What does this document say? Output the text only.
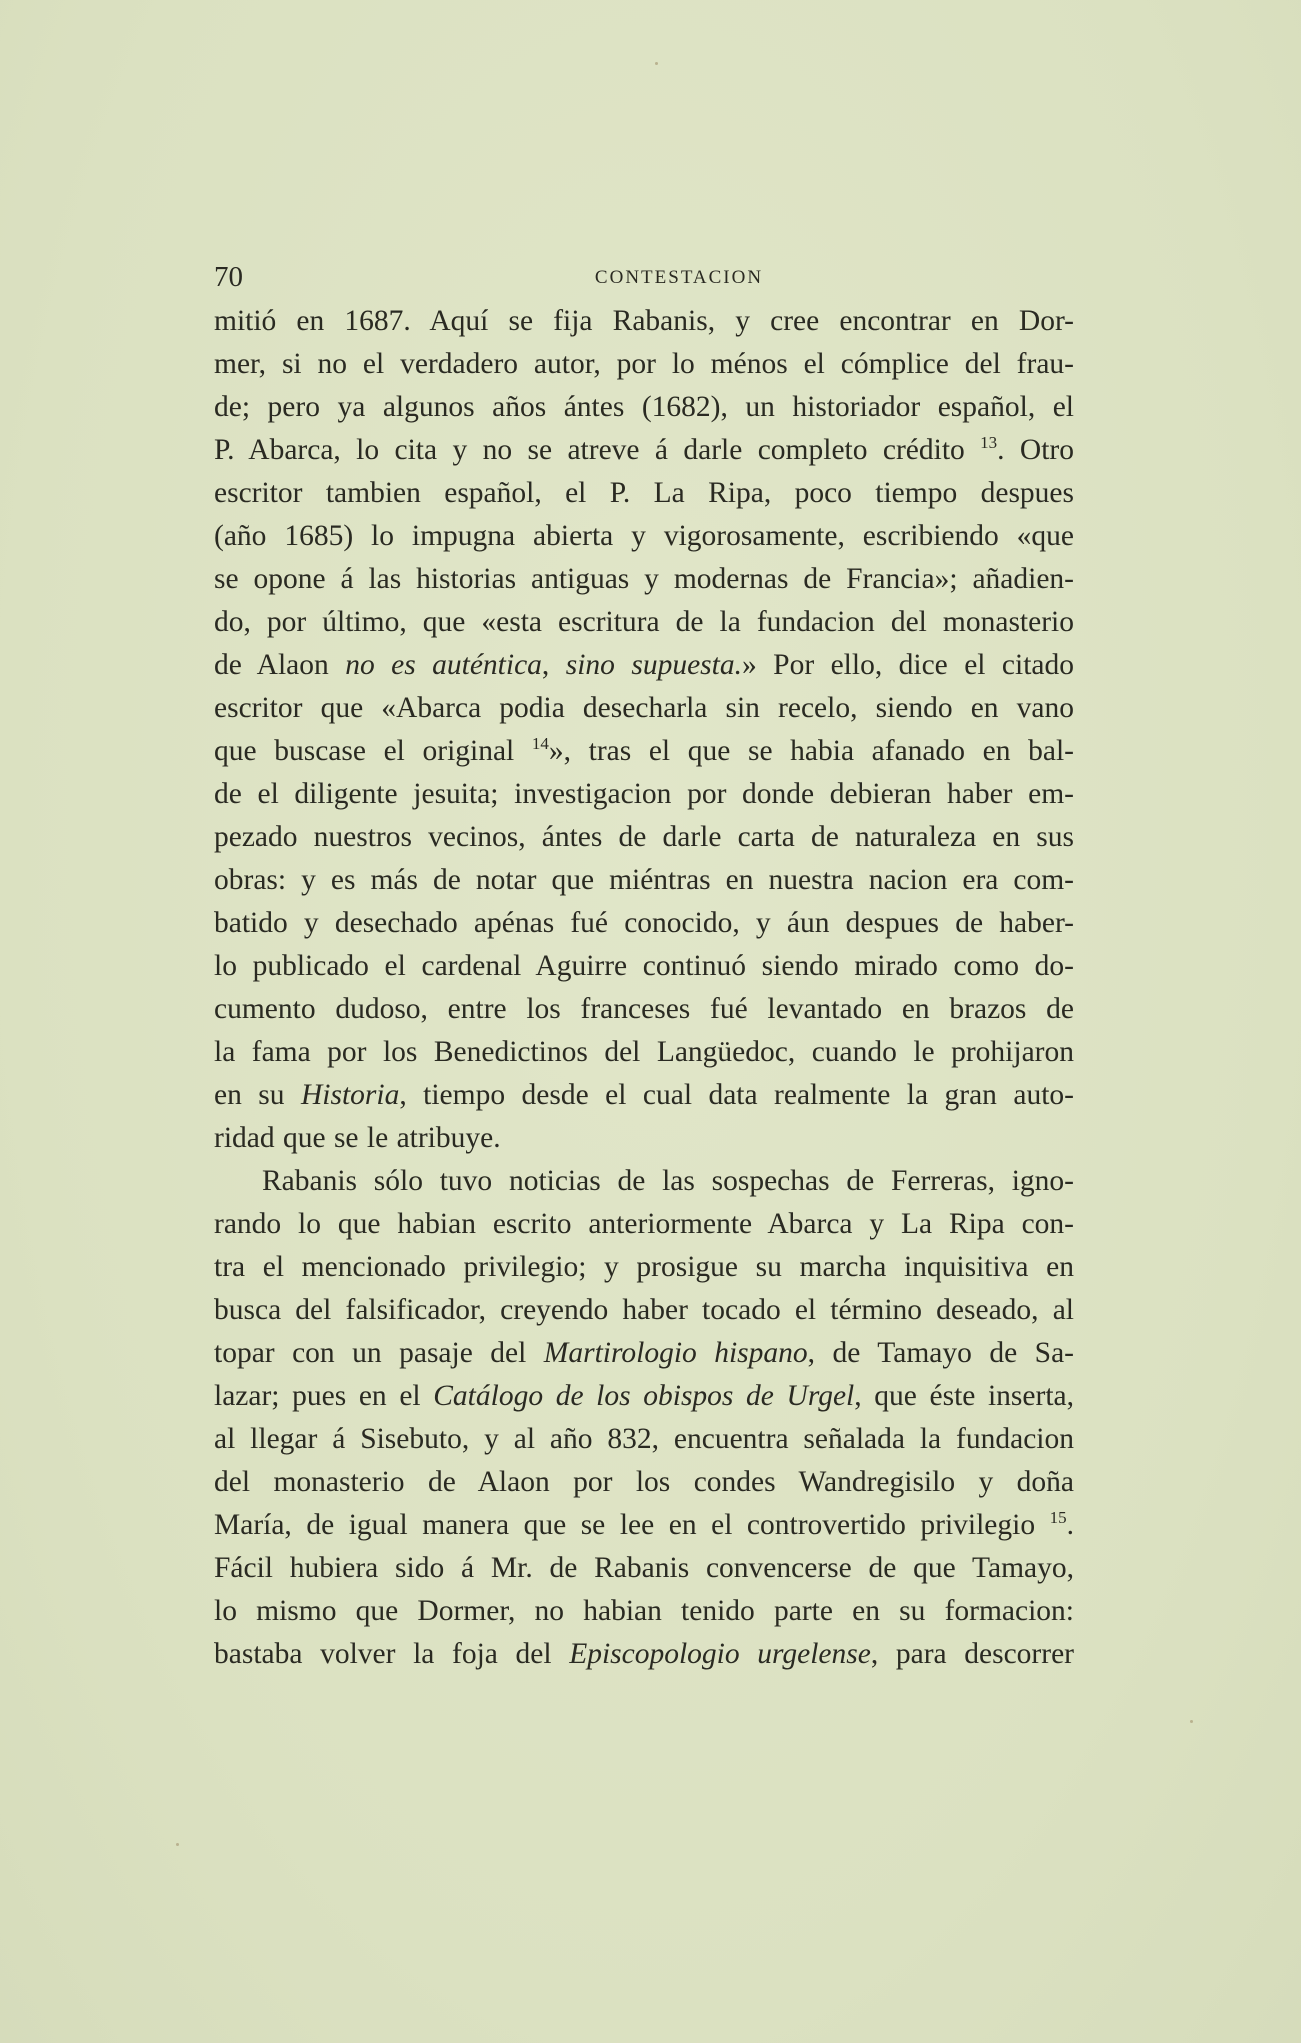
70	CONTESTACION
mitió en 1687. Aquí se fija Rabanis, y cree encontrar en Dor-
mer, si no el verdadero autor, por lo ménos el cómplice del frau-
de; pero ya algunos años ántes (1682), un historiador español, el
P. Abarca, lo cita y no se atreve á darle completo crédito $^{13}$. Otro
escritor tambien español, el P. La Ripa, poco tiempo despues
(año 1685) lo impugna abierta y vigorosamente, escribiendo «que
se opone á las historias antiguas y modernas de Francia»; añadien-
do, por último, que «esta escritura de la fundacion del monasterio
de Alaon no es auténtica, sino supuesta.» Por ello, dice el citado
escritor que «Abarca podia desecharla sin recelo, siendo en vano
que buscase el original $^{14}$», tras el que se habia afanado en bal-
de el diligente jesuita; investigacion por donde debieran haber em-
pezado nuestros vecinos, ántes de darle carta de naturaleza en sus
obras: y es más de notar que miéntras en nuestra nacion era com-
batido y desechado apénas fué conocido, y áun despues de haber-
lo publicado el cardenal Aguirre continuó siendo mirado como do-
cumento dudoso, entre los franceses fué levantado en brazos de
la fama por los Benedictinos del Langüedoc, cuando le prohijaron
en su Historia, tiempo desde el cual data realmente la gran auto-
ridad que se le atribuye.
Rabanis sólo tuvo noticias de las sospechas de Ferreras, igno-
rando lo que habian escrito anteriormente Abarca y La Ripa con-
tra el mencionado privilegio; y prosigue su marcha inquisitiva en
busca del falsificador, creyendo haber tocado el término deseado, al
topar con un pasaje del Martirologio hispano, de Tamayo de Sa-
lazar; pues en el Catálogo de los obispos de Urgel, que éste inserta,
al llegar á Sisebuto, y al año 832, encuentra señalada la fundacion
del monasterio de Alaon por los condes Wandregisilo y doña
María, de igual manera que se lee en el controvertido privilegio $^{15}$.
Fácil hubiera sido á Mr. de Rabanis convencerse de que Tamayo,
lo mismo que Dormer, no habian tenido parte en su formacion:
bastaba volver la foja del Episcopologio urgelense, para descorrer
